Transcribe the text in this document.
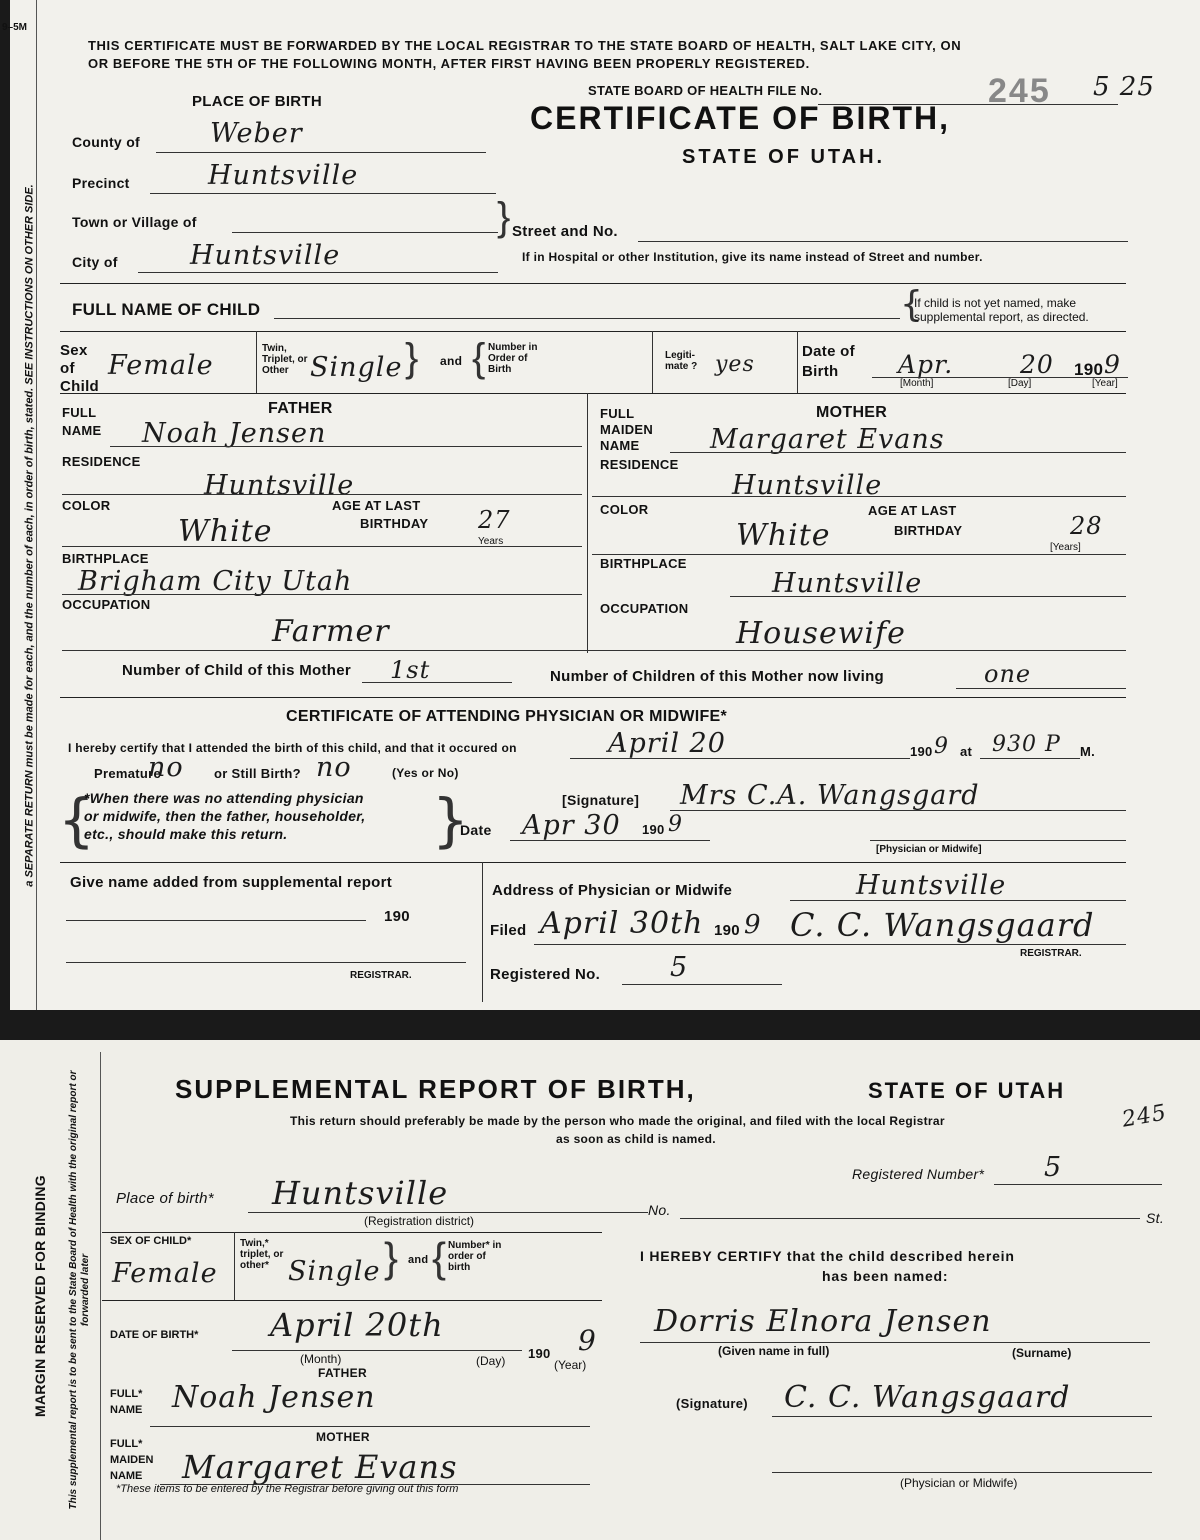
9–5M
a SEPARATE RETURN must be made for each, and the number of each, in order of birth, stated. SEE INSTRUCTIONS ON OTHER SIDE.
THIS CERTIFICATE MUST BE FORWARDED BY THE LOCAL REGISTRAR TO THE STATE BOARD OF HEALTH, SALT LAKE CITY, ON
OR BEFORE THE 5TH OF THE FOLLOWING MONTH, AFTER FIRST HAVING BEEN PROPERLY REGISTERED.
STATE BOARD OF HEALTH FILE No.	245 5 25
CERTIFICATE OF BIRTH,
STATE OF UTAH.
PLACE OF BIRTH
County of	Weber
Precinct	Huntsville
Town or Village of
City of	Huntsville
Street and No.
}
If in Hospital or other Institution, give its name instead of Street and number.
FULL NAME OF CHILD	{
If child is not yet named, make
supplemental report, as directed.
Sex of Child
Female
Twin, Triplet, or Other Single } and { Number in Order of Birth
Legiti- mate ? yes
Date of Birth	Apr.	20 190 9
[Month]	[Day]	[Year]
FATHER	MOTHER
FULL NAME Noah Jensen
RESIDENCE
Huntsville
COLOR	AGE AT LAST
BIRTHDAY
White	27
Years
BIRTHPLACE
Brigham City Utah
OCCUPATION
Farmer
FULL MAIDEN NAME	Margaret Evans
RESIDENCE
Huntsville
COLOR	AGE AT LAST
BIRTHDAY
White	28
[Years]
BIRTHPLACE
Huntsville
OCCUPATION
Housewife
Number of Child of this Mother 1st	Number of Children of this Mother now living	one
CERTIFICATE OF ATTENDING PHYSICIAN OR MIDWIFE*
I hereby certify that I attended the birth of this child, and that it occured on	April 20	190 9 at 930 P M.
Premature
no or Still Birth? no	(Yes or No)
{
*When there was no attending physician
or midwife, then the father, householder,
etc., should make this return. }	[Signature] Mrs C.A. Wangsgard
Date Apr 30 190 9
[Physician or Midwife]
Give name added from supplemental report
190
REGISTRAR.
Address of Physician or Midwife	Huntsville
Filed April 30th 190 9 C. C. Wangsgaard
REGISTRAR.
Registered No.	5
MARGIN RESERVED FOR BINDING This supplemental report is to be sent to the State Board of Health with the original report or forwarded later
SUPPLEMENTAL REPORT OF BIRTH,	STATE OF UTAH
245
This return should preferably be made by the person who made the original, and filed with the local Registrar
as soon as child is named.
Registered Number* 5
Place of birth* Huntsville
(Registration district)
No.	St.
SEX OF CHILD*
Female
Twin,* triplet, or other* Single } and { Number* in order of birth
I HEREBY CERTIFY that the child described herein
has been named:
Dorris Elnora Jensen
(Given name in full)	(Surname)
DATE OF BIRTH* April 20th
(Month)	(Day) 190 9
(Year)
FATHER
FULL* NAME Noah Jensen
MOTHER
FULL* MAIDEN NAME	Margaret Evans
*These items to be entered by the Registrar before giving out this form
(Signature) C. C. Wangsgaard
(Physician or Midwife)
